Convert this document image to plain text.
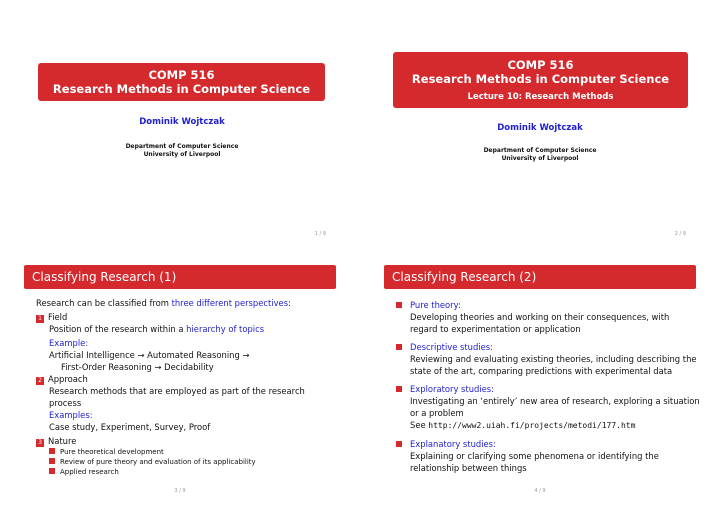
COMP 516
Research Methods in Computer Science
Dominik Wojtczak
Department of Computer Science
University of Liverpool
1 / 9
COMP 516
Research Methods in Computer Science
Lecture 10: Research Methods
Dominik Wojtczak
Department of Computer Science
University of Liverpool
2 / 9
Classifying Research (1)
Research can be classified from three different perspectives:
1 Field
Position of the research within a hierarchy of topics
Example:
Artificial Intelligence → Automated Reasoning →
First-Order Reasoning → Decidability
2 Approach
Research methods that are employed as part of the research
process
Examples:
Case study, Experiment, Survey, Proof
3 Nature
Pure theoretical development
Review of pure theory and evaluation of its applicability
Applied research
3 / 9
Classifying Research (2)
Pure theory:
Developing theories and working on their consequences, with
regard to experimentation or application
Descriptive studies:
Reviewing and evaluating existing theories, including describing the
state of the art, comparing predictions with experimental data
Exploratory studies:
Investigating an ‘entirely’ new area of research, exploring a situation
or a problem
See http://www2.uiah.fi/projects/metodi/177.htm
Explanatory studies:
Explaining or clarifying some phenomena or identifying the
relationship between things
4 / 9
